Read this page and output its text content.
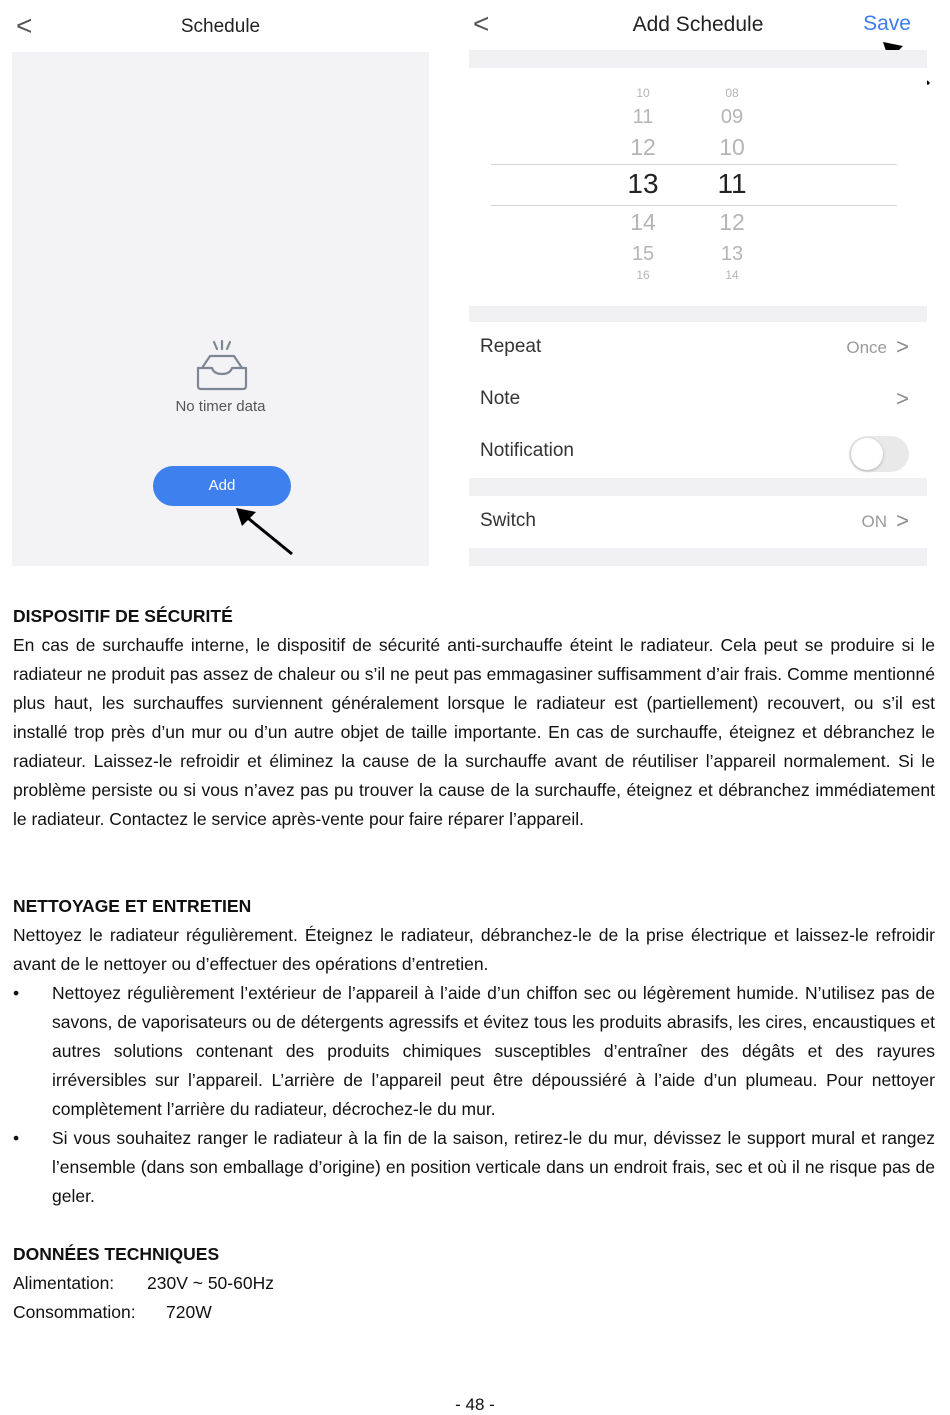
<	Schedule
No timer data
Add
<	Add Schedule	Save
10
11
12
13
14
15
16
08
09
10
11
12
13
14
Repeat	Once >
Note	>
Notification
Switch	ON >
DISPOSITIF DE SÉCURITÉ
En cas de surchauffe interne, le dispositif de sécurité anti-surchauffe éteint le radiateur. Cela peut se produire si le radiateur ne produit pas assez de chaleur ou s’il ne peut pas emmagasiner suffisamment d’air frais. Comme mentionné plus haut, les surchauffes surviennent généralement lorsque le radiateur est (partiellement) recouvert, ou s’il est installé trop près d’un mur ou d’un autre objet de taille importante. En cas de surchauffe, éteignez et débranchez le radiateur. Laissez-le refroidir et éliminez la cause de la surchauffe avant de réutiliser l’appareil normalement. Si le problème persiste ou si vous n’avez pas pu trouver la cause de la surchauffe, éteignez et débranchez immédiatement le radiateur. Contactez le service après-vente pour faire réparer l’appareil.
NETTOYAGE ET ENTRETIEN
Nettoyez le radiateur régulièrement. Éteignez le radiateur, débranchez-le de la prise électrique et laissez-le refroidir avant de le nettoyer ou d’effectuer des opérations d’entretien.
• Nettoyez régulièrement l’extérieur de l’appareil à l’aide d’un chiffon sec ou légèrement humide. N’utilisez pas de savons, de vaporisateurs ou de détergents agressifs et évitez tous les produits abrasifs, les cires, encaustiques et autres solutions contenant des produits chimiques susceptibles d’entraîner des dégâts et des rayures irréversibles sur l’appareil. L’arrière de l’appareil peut être dépoussiéré à l’aide d’un plumeau. Pour nettoyer complètement l’arrière du radiateur, décrochez-le du mur.
• Si vous souhaitez ranger le radiateur à la fin de la saison, retirez-le du mur, dévissez le support mural et rangez l’ensemble (dans son emballage d’origine) en position verticale dans un endroit frais, sec et où il ne risque pas de geler.
DONNÉES TECHNIQUES
Alimentation:	230V ~ 50-60Hz
Consommation:	720W
- 48 -
